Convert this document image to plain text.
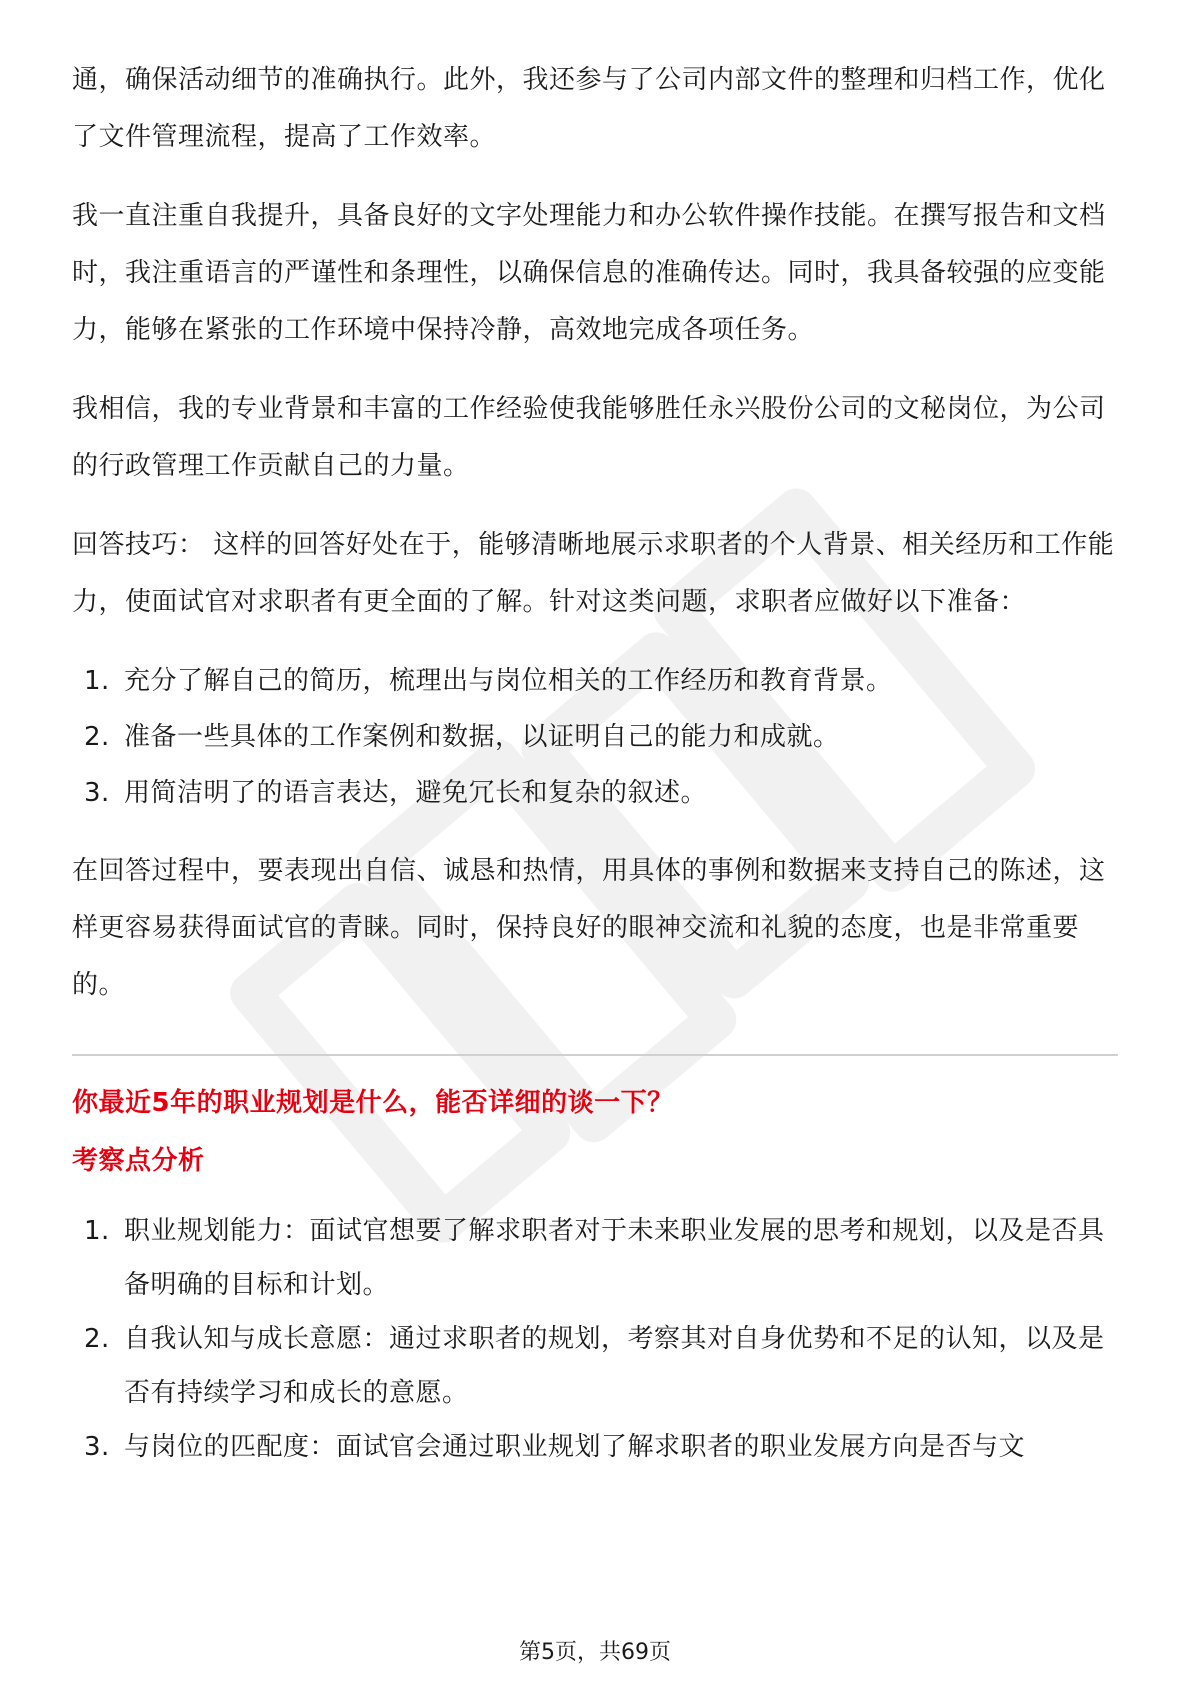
通，确保活动细节的准确执行。此外，我还参与了公司内部文件的整理和归档工作，优化了文件管理流程，提高了工作效率。

我一直注重自我提升，具备良好的文字处理能力和办公软件操作技能。在撰写报告和文档时，我注重语言的严谨性和条理性，以确保信息的准确传达。同时，我具备较强的应变能力，能够在紧张的工作环境中保持冷静，高效地完成各项任务。

我相信，我的专业背景和丰富的工作经验使我能够胜任永兴股份公司的文秘岗位，为公司的行政管理工作贡献自己的力量。

回答技巧： 这样的回答好处在于，能够清晰地展示求职者的个人背景、相关经历和工作能力，使面试官对求职者有更全面的了解。针对这类问题，求职者应做好以下准备：

1. 充分了解自己的简历，梳理出与岗位相关的工作经历和教育背景。
2. 准备一些具体的工作案例和数据，以证明自己的能力和成就。
3. 用简洁明了的语言表达，避免冗长和复杂的叙述。

在回答过程中，要表现出自信、诚恳和热情，用具体的事例和数据来支持自己的陈述，这样更容易获得面试官的青睐。同时，保持良好的眼神交流和礼貌的态度，也是非常重要的。

你最近5年的职业规划是什么，能否详细的谈一下？

考察点分析

1. 职业规划能力：面试官想要了解求职者对于未来职业发展的思考和规划，以及是否具备明确的目标和计划。
2. 自我认知与成长意愿：通过求职者的规划，考察其对自身优势和不足的认知，以及是否有持续学习和成长的意愿。
3. 与岗位的匹配度：面试官会通过职业规划了解求职者的职业发展方向是否与文
第5页，共69页
